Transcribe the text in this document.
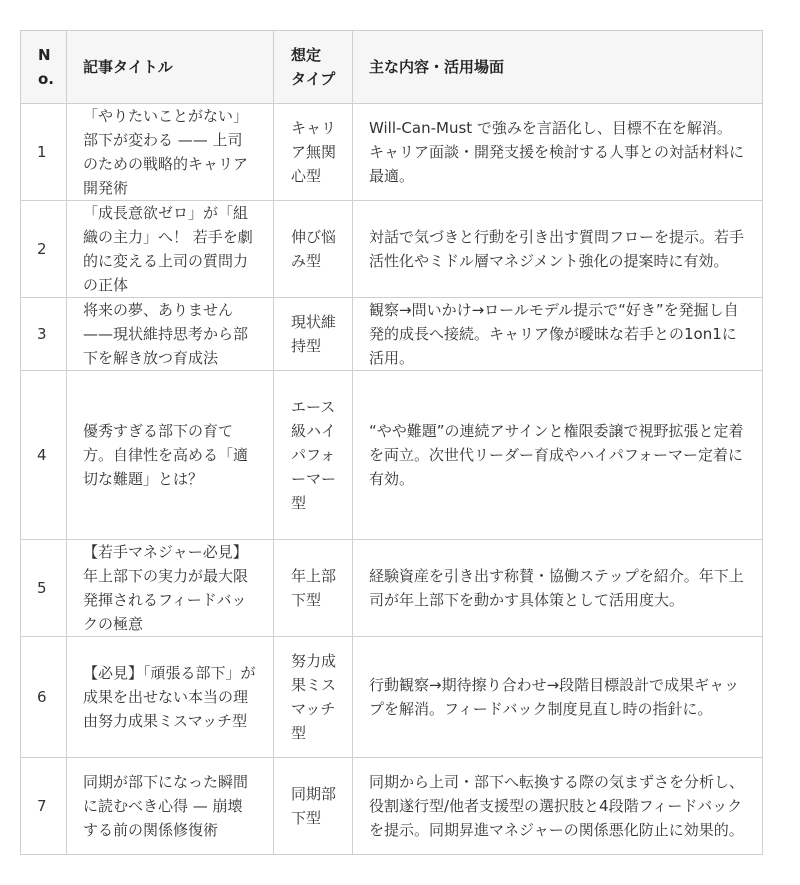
No.	記事タイトル	想定タイプ	主な内容・活用場面
1	「やりたいことがない」部下が変わる —— 上司のための戦略的キャリア開発術	キャリア無関心型	Will-Can-Must で強みを言語化し、目標不在を解消。キャリア面談・開発支援を検討する人事との対話材料に最適。
2	「成長意欲ゼロ」が「組織の主力」へ！ 若手を劇的に変える上司の質問力の正体	伸び悩み型	対話で気づきと行動を引き出す質問フローを提示。若手活性化やミドル層マネジメント強化の提案時に有効。
3	将来の夢、ありません——現状維持思考から部下を解き放つ育成法	現状維持型	観察→問いかけ→ロールモデル提示で“好き”を発掘し自発的成長へ接続。キャリア像が曖昧な若手との1on1に活用。
4	優秀すぎる部下の育て方。自律性を高める「適切な難題」とは？	エース級ハイパフォーマー型	“やや難題”の連続アサインと権限委譲で視野拡張と定着を両立。次世代リーダー育成やハイパフォーマー定着に有効。
5	【若手マネジャー必見】年上部下の実力が最大限発揮されるフィードバックの極意	年上部下型	経験資産を引き出す称賛・協働ステップを紹介。年下上司が年上部下を動かす具体策として活用度大。
6	【必見】「頑張る部下」が成果を出せない本当の理由努力成果ミスマッチ型	努力成果ミスマッチ型	行動観察→期待擦り合わせ→段階目標設計で成果ギャップを解消。フィードバック制度見直し時の指針に。
7	同期が部下になった瞬間に読むべき心得 — 崩壊する前の関係修復術	同期部下型	同期から上司・部下へ転換する際の気まずさを分析し、役割遂行型/他者支援型の選択肢と4段階フィードバックを提示。同期昇進マネジャーの関係悪化防止に効果的。
